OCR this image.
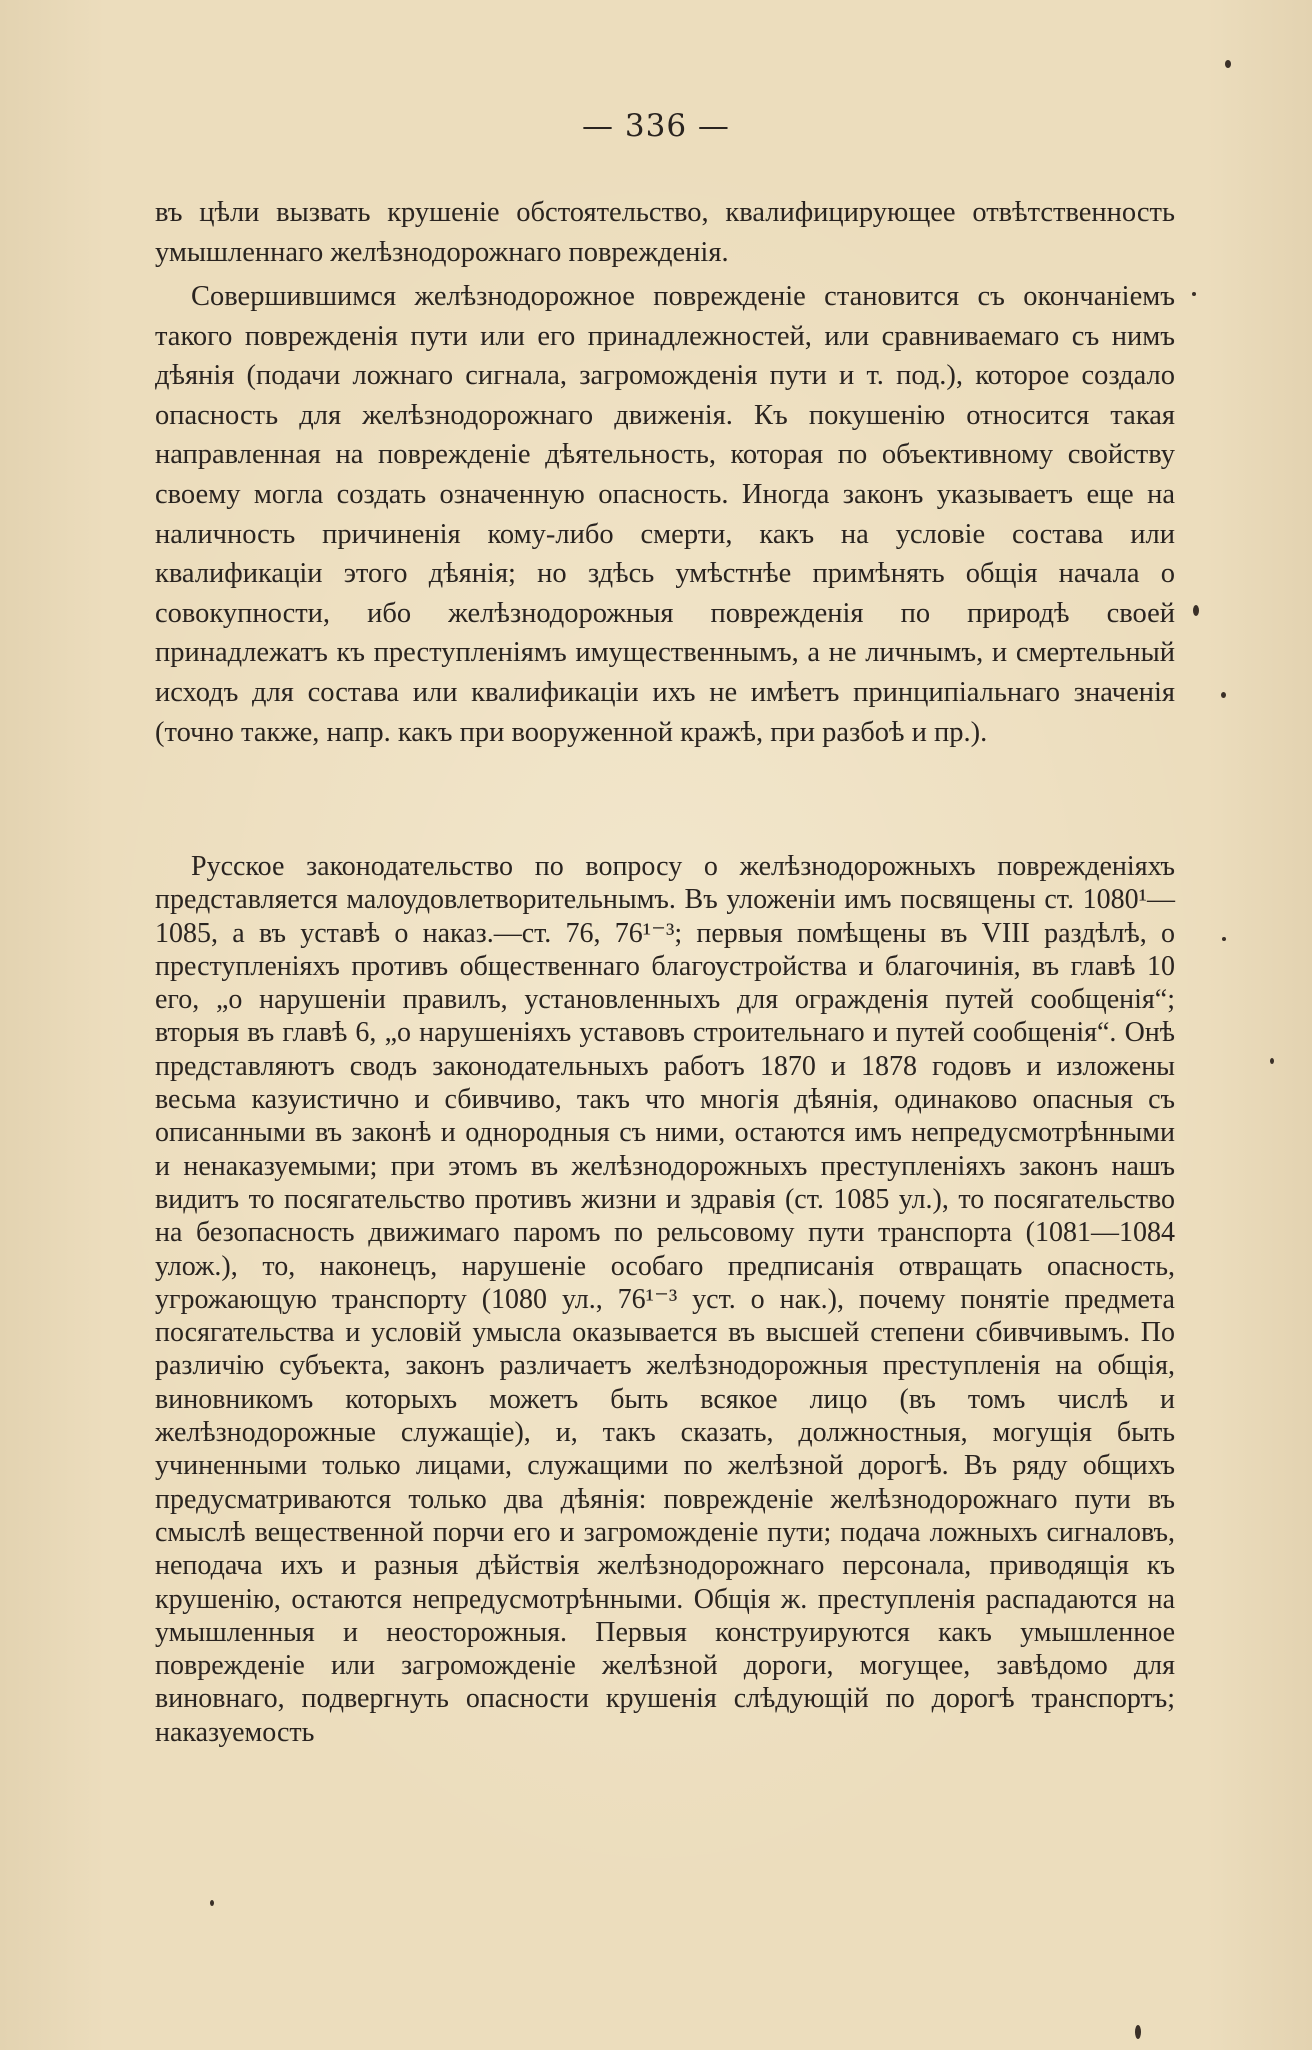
— 336 —

въ цѣли вызвать крушеніе обстоятельство, квалифицирующее отвѣтственность умышленнаго желѣзнодорожнаго поврежденія.

Совершившимся желѣзнодорожное поврежденіе становится съ окончаніемъ такого поврежденія пути или его принадлежностей, или сравниваемаго съ нимъ дѣянія (подачи ложнаго сигнала, загроможденія пути и т. под.), которое создало опасность для желѣзнодорожнаго движенія. Къ покушенію относится такая направленная на поврежденіе дѣятельность, которая по объективному свойству своему могла создать означенную опасность. Иногда законъ указываетъ еще на наличность причиненія кому-либо смерти, какъ на условіе состава или квалификаціи этого дѣянія; но здѣсь умѣстнѣе примѣнять общія начала о совокупности, ибо желѣзнодорожныя поврежденія по природѣ своей принадлежатъ къ преступленіямъ имущественнымъ, а не личнымъ, и смертельный исходъ для состава или квалификаціи ихъ не имѣетъ принципіальнаго значенія (точно также, напр. какъ при вооруженной кражѣ, при разбоѣ и пр.).

Русское законодательство по вопросу о желѣзнодорожныхъ поврежденіяхъ представляется малоудовлетворительнымъ. Въ уложеніи имъ посвящены ст. 1080¹—1085, а въ уставѣ о наказ.—ст. 76, 76¹⁻³; первыя помѣщены въ VIII раздѣлѣ, о преступленіяхъ противъ общественнаго благоустройства и благочинія, въ главѣ 10 его, „о нарушеніи правилъ, установленныхъ для огражденія путей сообщенія“; вторыя въ главѣ 6, „о нарушеніяхъ уставовъ строительнаго и путей сообщенія“. Онѣ представляютъ сводъ законодательныхъ работъ 1870 и 1878 годовъ и изложены весьма казуистично и сбивчиво, такъ что многія дѣянія, одинаково опасныя съ описанными въ законѣ и однородныя съ ними, остаются имъ непредусмотрѣнными и ненаказуемыми; при этомъ въ желѣзнодорожныхъ преступленіяхъ законъ нашъ видитъ то посягательство противъ жизни и здравія (ст. 1085 ул.), то посягательство на безопасность движимаго паромъ по рельсовому пути транспорта (1081—1084 улож.), то, наконецъ, нарушеніе особаго предписанія отвращать опасность, угрожающую транспорту (1080 ул., 76¹⁻³ уст. о нак.), почему понятіе предмета посягательства и условій умысла оказывается въ высшей степени сбивчивымъ. По различію субъекта, законъ различаетъ желѣзнодорожныя преступленія на общія, виновникомъ которыхъ можетъ быть всякое лицо (въ томъ числѣ и желѣзнодорожные служащіе), и, такъ сказать, должностныя, могущія быть учиненными только лицами, служащими по желѣзной дорогѣ. Въ ряду общихъ предусматриваются только два дѣянія: поврежденіе желѣзнодорожнаго пути въ смыслѣ вещественной порчи его и загроможденіе пути; подача ложныхъ сигналовъ, неподача ихъ и разныя дѣйствія желѣзнодорожнаго персонала, приводящія къ крушенію, остаются непредусмотрѣнными. Общія ж. преступленія распадаются на умышленныя и неосторожныя. Первыя конструируются какъ умышленное поврежденіе или загроможденіе желѣзной дороги, могущее, завѣдомо для виновнаго, подвергнуть опасности крушенія слѣдующій по дорогѣ транспортъ; наказуемость
